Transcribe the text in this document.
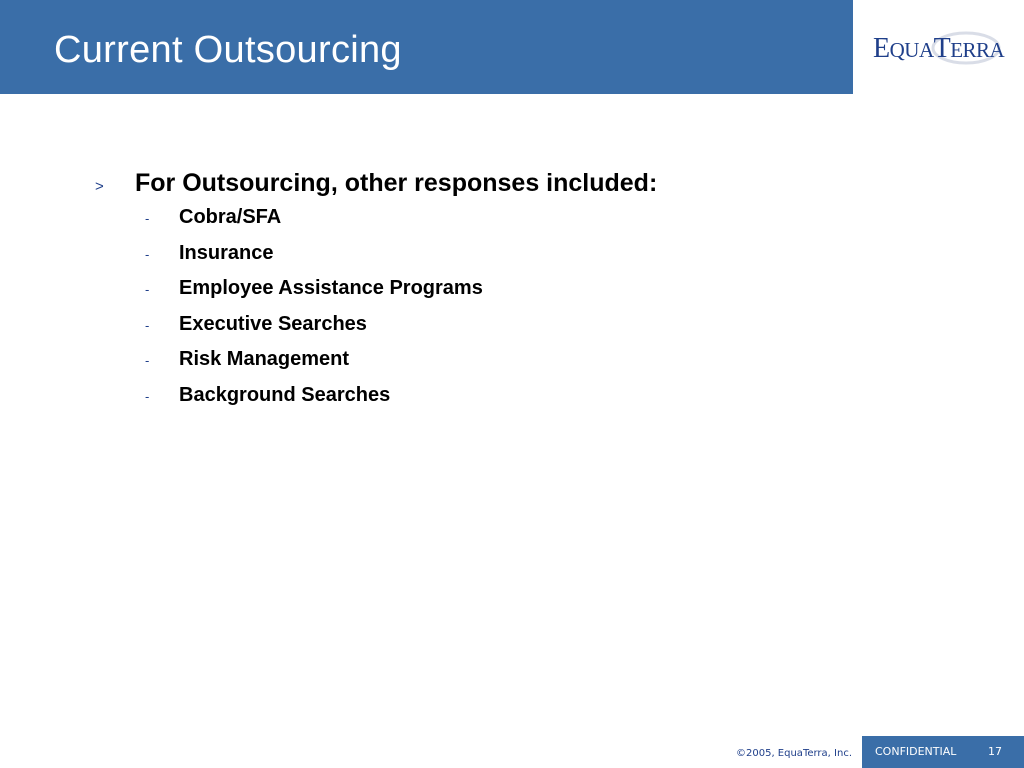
Current Outsourcing	EQUATERRA
>	For Outsourcing, other responses included:
-	Cobra/SFA
-	Insurance
-	Employee Assistance Programs
-	Executive Searches
-	Risk Management
-	Background Searches
©2005, EquaTerra, Inc. CONFIDENTIAL	17
